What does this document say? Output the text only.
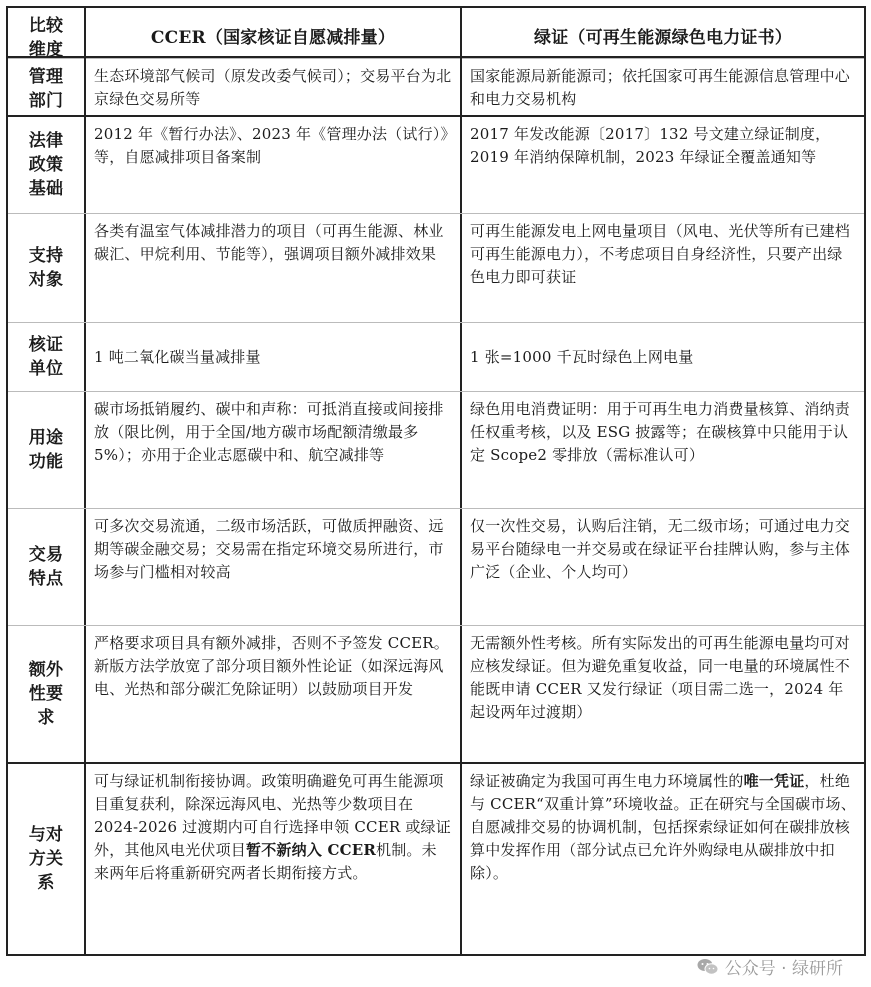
比较维度
CCER（国家核证自愿减排量）	绿证（可再生能源绿色电力证书）
管理部门
生态环境部气候司（原发改委气候司）；交易平台为北京绿色交易所等
国家能源局新能源司；依托国家可再生能源信息管理中心和电力交易机构
法律政策基础
2012 年《暂行办法》、2023 年《管理办法（试行）》等，自愿减排项目备案制
2017 年发改能源〔2017〕132 号文建立绿证制度，2019 年消纳保障机制，2023 年绿证全覆盖通知等
支持对象
各类有温室气体减排潜力的项目（可再生能源、林业碳汇、甲烷利用、节能等），强调项目额外减排效果
可再生能源发电上网电量项目（风电、光伏等所有已建档可再生能源电力），不考虑项目自身经济性，只要产出绿色电力即可获证
核证单位
1 吨二氧化碳当量减排量	1 张=1000 千瓦时绿色上网电量
用途功能
碳市场抵销履约、碳中和声称：可抵消直接或间接排放（限比例，用于全国/地方碳市场配额清缴最多 5%）；亦用于企业志愿碳中和、航空减排等
绿色用电消费证明：用于可再生电力消费量核算、消纳责任权重考核，以及 ESG 披露等；在碳核算中只能用于认定 Scope2 零排放（需标准认可）
交易特点
可多次交易流通，二级市场活跃，可做质押融资、远期等碳金融交易；交易需在指定环境交易所进行，市场参与门槛相对较高
仅一次性交易，认购后注销，无二级市场；可通过电力交易平台随绿电一并交易或在绿证平台挂牌认购，参与主体广泛（企业、个人均可）
额外性要求
严格要求项目具有额外减排，否则不予签发 CCER。新版方法学放宽了部分项目额外性论证（如深远海风电、光热和部分碳汇免除证明）以鼓励项目开发
无需额外性考核。所有实际发出的可再生能源电量均可对应核发绿证。但为避免重复收益，同一电量的环境属性不能既申请 CCER 又发行绿证（项目需二选一，2024 年起设两年过渡期）
与对方关系
可与绿证机制衔接协调。政策明确避免可再生能源项目重复获利，除深远海风电、光热等少数项目在 2024-2026 过渡期内可自行选择申领 CCER 或绿证外，其他风电光伏项目暂不新纳入 CCER机制。未来两年后将重新研究两者长期衔接方式。
绿证被确定为我国可再生电力环境属性的唯一凭证，杜绝与 CCER“双重计算”环境收益。正在研究与全国碳市场、自愿减排交易的协调机制，包括探索绿证如何在碳排放核算中发挥作用（部分试点已允许外购绿电从碳排放中扣除）。
公众号 · 绿研所
